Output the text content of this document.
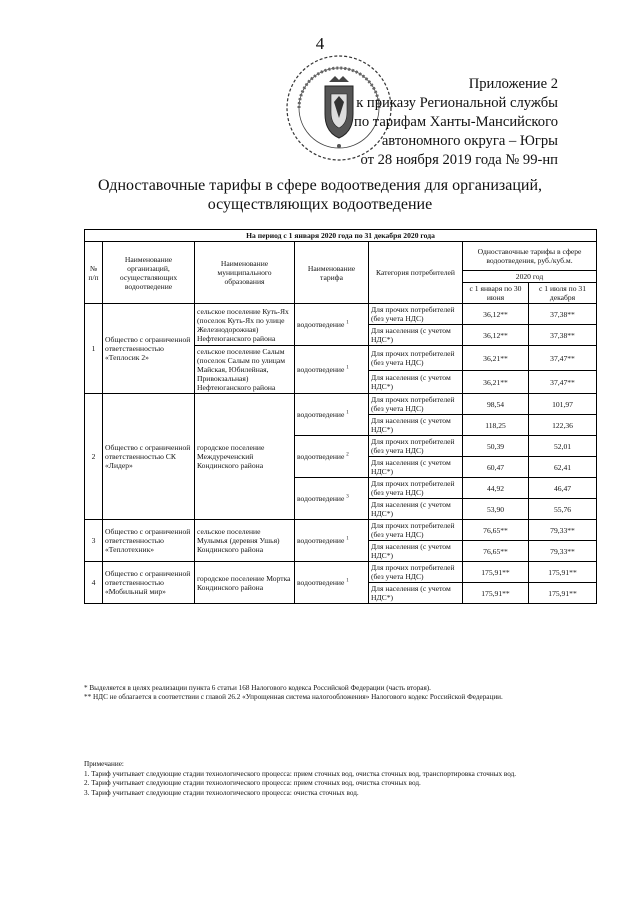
4
Приложение 2
к приказу Региональной службы
по тарифам Ханты-Мансийского
автономного округа – Югры
от 28 ноября 2019 года № 99-нп
Одноставочные тарифы в сфере водоотведения для организаций,
осуществляющих водоотведение
На период с 1 января 2020 года по 31 декабря 2020 года						
№ п/п	Наименование организаций, осуществляющих водоотведение	Наименование муниципального образования	Наименование тарифа	Категория потребителей	Одноставочные тарифы в сфере водоотведения, руб./куб.м.	
					2020 год	
					с 1 января по 30 июня	с 1 июля по 31 декабря
1	Общество с ограниченной ответственностью «Теплосик 2»	сельское поселение Куть-Ях (поселок Куть-Ях по улице Железнодорожная) Нефтеюганского района	водоотведение $^1$	Для прочих потребителей (без учета НДС)	36,12**	37,38**
				Для населения (с учетом НДС*)	36,12**	37,38**
		сельское поселение Салым (поселок Салым по улицам Майская, Юбилейная, Привокзальная) Нефтеюганского района	водоотведение $^1$	Для прочих потребителей (без учета НДС)	36,21**	37,47**
				Для населения (с учетом НДС*)	36,21**	37,47**
2	Общество с ограниченной ответственностью СК «Лидер»	городское поселение Междуреченский Кондинского района	водоотведение $^1$	Для прочих потребителей (без учета НДС)	98,54	101,97
				Для населения (с учетом НДС*)	118,25	122,36
			водоотведение $^2$	Для прочих потребителей (без учета НДС)	50,39	52,01
				Для населения (с учетом НДС*)	60,47	62,41
			водоотведение $^3$	Для прочих потребителей (без учета НДС)	44,92	46,47
				Для населения (с учетом НДС*)	53,90	55,76
3	Общество с ограниченной ответственностью «Теплотехник»	сельское поселение Мулымья (деревня Ушья) Кондинского района	водоотведение $^1$	Для прочих потребителей (без учета НДС)	76,65**	79,33**
				Для населения (с учетом НДС*)	76,65**	79,33**
4	Общество с ограниченной ответственностью «Мобильный мир»	городское поселение Мортка Кондинского района	водоотведение $^1$	Для прочих потребителей (без учета НДС)	175,91**	175,91**
				Для населения (с учетом НДС*)	175,91**	175,91**

* Выделяется в целях реализации пункта 6 статьи 168 Налогового кодекса Российской Федерации (часть вторая).

** НДС не облагается в соответствии с главой 26.2 «Упрощенная система налогообложения» Налогового кодекс Российской Федерации.

Примечание:

1. Тариф учитывает следующие стадии технологического процесса: прием сточных вод, очистка сточных вод, транспортировка сточных вод.

2. Тариф учитывает следующие стадии технологического процесса: прием сточных вод, очистка сточных вод.

3. Тариф учитывает следующие стадии технологического процесса: очистка сточных вод.
